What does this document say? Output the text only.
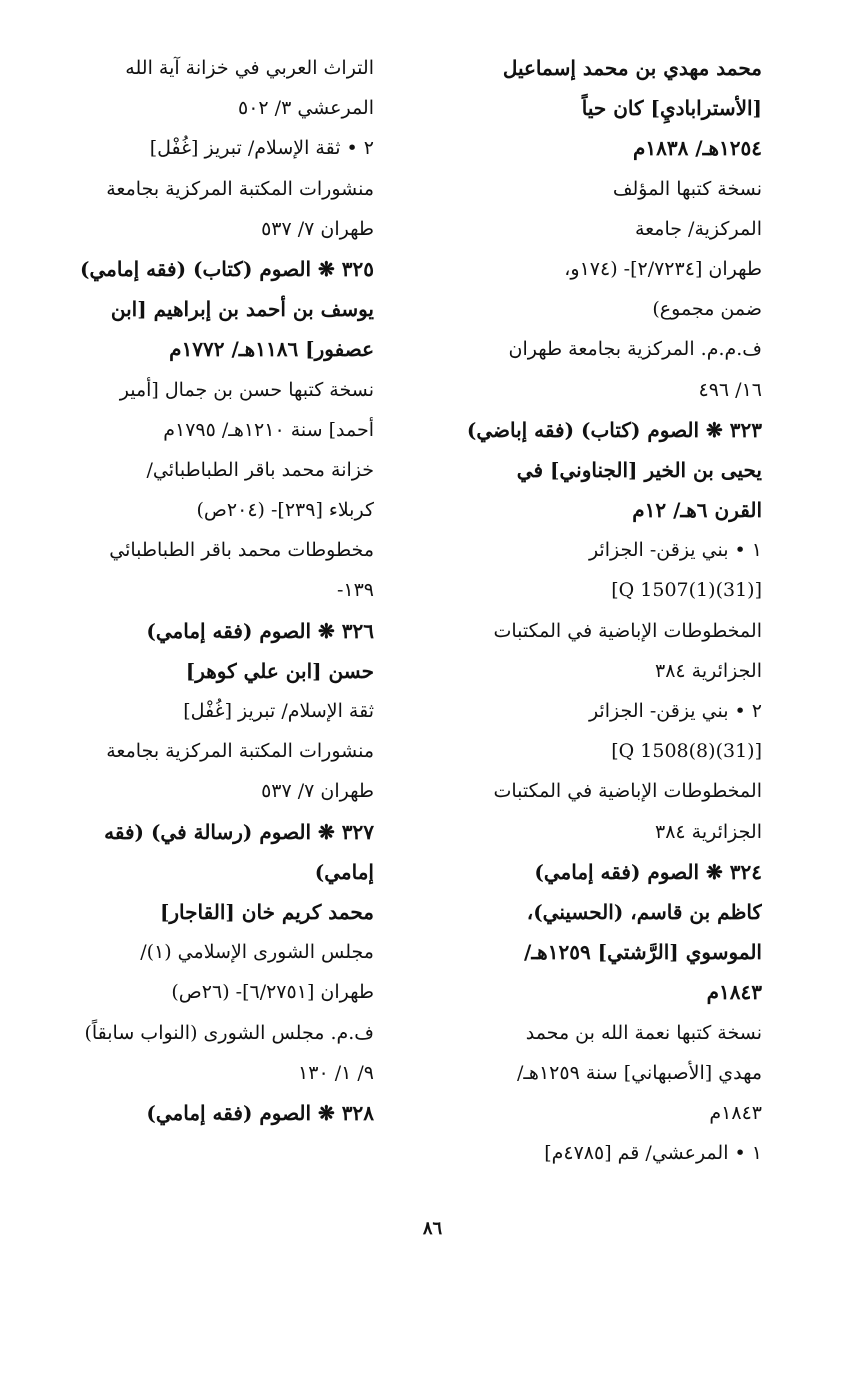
محمد مهدي بن محمد إسماعيل
[الأستراباديِ] كان حياً
١٢٥٤هـ/ ١٨٣٨م
نسخة كتبها المؤلف
المركزية/ جامعة
طهران [٢/٧٢٣٤]- (١٧٤و،
ضمن مجموع)
ف.م.م. المركزية بجامعة طهران
١٦/ ٤٩٦
٣٢٣ ❋ الصوم (كتاب) (فقه إباضي)
يحيى بن الخير [الجناوني] في
القرن ٦هـ/ ١٢م
١ • بني يزقن- الجزائر
[(31)Q 1507(1)]
المخطوطات الإباضية في المكتبات
الجزائرية ٣٨٤
٢ • بني يزقن- الجزائر
[(31)Q 1508(8)]
المخطوطات الإباضية في المكتبات
الجزائرية ٣٨٤
٣٢٤ ❋ الصوم (فقه إمامي)
كاظم بن قاسم، (الحسيني)،
الموسوي [الرَّشتي] ١٢٥٩هـ/
١٨٤٣م
نسخة كتبها نعمة الله بن محمد
مهدي [الأصبهاني] سنة ١٢٥٩هـ/
١٨٤٣م
١ • المرعشي/ قم [٤٧٨٥م]
التراث العربي في خزانة آية الله
المرعشي ٣/ ٥٠٢
٢ • ثقة الإسلام/ تبريز [غُفْل]
منشورات المكتبة المركزية بجامعة
طهران ٧/ ٥٣٧
٣٢٥ ❋ الصوم (كتاب) (فقه إمامي)
يوسف بن أحمد بن إبراهيم [ابن
عصفور] ١١٨٦هـ/ ١٧٧٢م
نسخة كتبها حسن بن جمال [أمير
أحمد] سنة ١٢١٠هـ/ ١٧٩٥م
خزانة محمد باقر الطباطبائي/
كربلاء [٢٣٩]- (٢٠٤ص)
مخطوطات محمد باقر الطباطبائي
١٣٩-
٣٢٦ ❋ الصوم (فقه إمامي)
حسن [ابن علي كوهر]
ثقة الإسلام/ تبريز [غُفْل]
منشورات المكتبة المركزية بجامعة
طهران ٧/ ٥٣٧
٣٢٧ ❋ الصوم (رسالة في) (فقه
إمامي)
محمد كريم خان [القاجار]
مجلس الشورى الإسلامي (١)/
طهران [٦/٢٧٥١]- (٢٦ص)
ف.م. مجلس الشورى (النواب سابقاً)
٩/ ١/ ١٣٠
٣٢٨ ❋ الصوم (فقه إمامي)
٨٦
